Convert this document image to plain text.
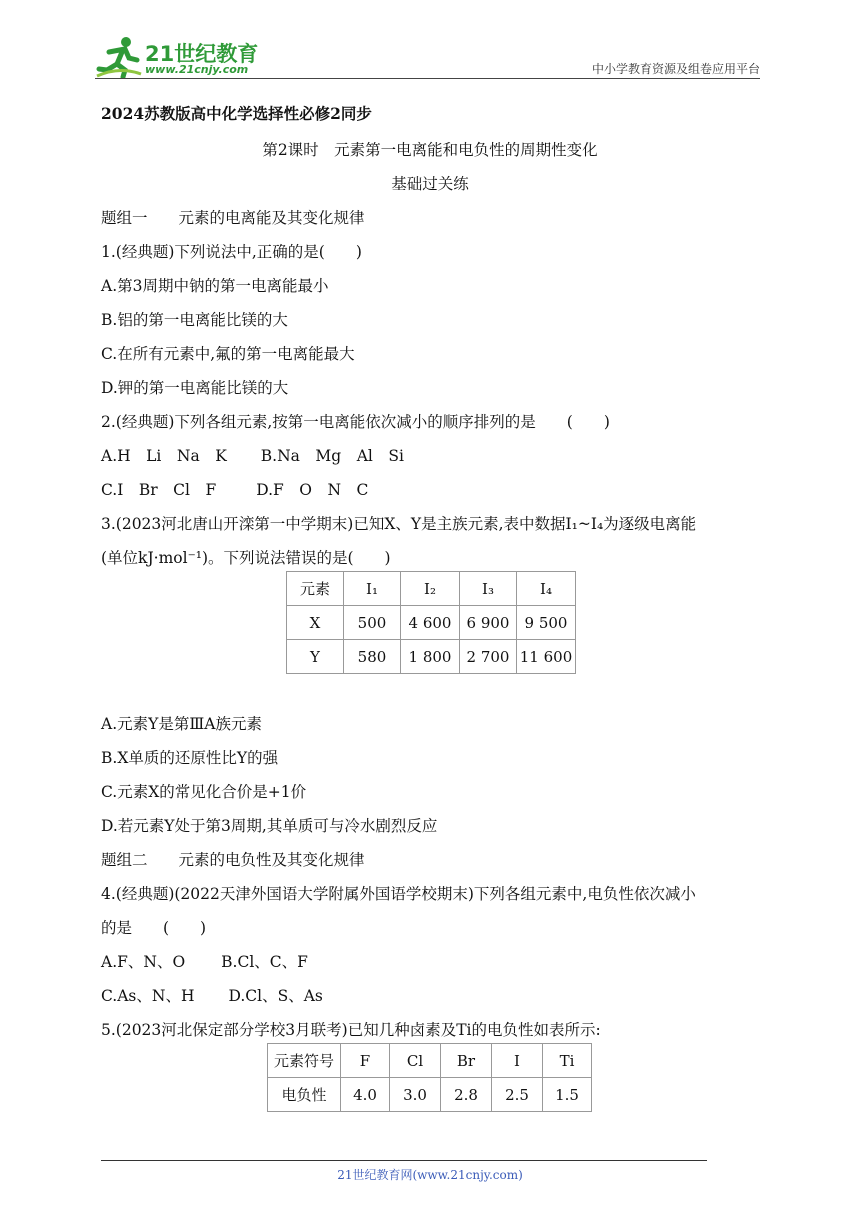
21世纪教育
www.21cnjy.com	中小学教育资源及组卷应用平台
2024苏教版高中化学选择性必修2同步
第2课时　元素第一电离能和电负性的周期性变化
基础过关练
题组一　　元素的电离能及其变化规律
1.(经典题)下列说法中,正确的是(　　)
A.第3周期中钠的第一电离能最小
B.铝的第一电离能比镁的大
C.在所有元素中,氟的第一电离能最大
D.钾的第一电离能比镁的大
2.(经典题)下列各组元素,按第一电离能依次减小的顺序排列的是　　(　　)
A.H　Li　Na　K B.Na　Mg　Al　Si
C.I　Br　Cl　F	D.F　O　N　C
3.(2023河北唐山开滦第一中学期末)已知X、Y是主族元素,表中数据I₁~I₄为逐级电离能
(单位kJ·mol⁻¹)。下列说法错误的是(　　)
元素	I₁	I₂	I₃	I₄
X	500	4 600	6 900	9 500
Y	580	1 800	2 700	11 600
A.元素Y是第ⅢA族元素
B.X单质的还原性比Y的强
C.元素X的常见化合价是+1价
D.若元素Y处于第3周期,其单质可与冷水剧烈反应
题组二　　元素的电负性及其变化规律
4.(经典题)(2022天津外国语大学附属外国语学校期末)下列各组元素中,电负性依次减小
的是　　(　　)
A.F、N、O B.Cl、C、F
C.As、N、H D.Cl、S、As
5.(2023河北保定部分学校3月联考)已知几种卤素及Ti的电负性如表所示:
元素符号	F	Cl	Br	I	Ti
电负性	4.0	3.0	2.8	2.5	1.5
21世纪教育网(www.21cnjy.com)
